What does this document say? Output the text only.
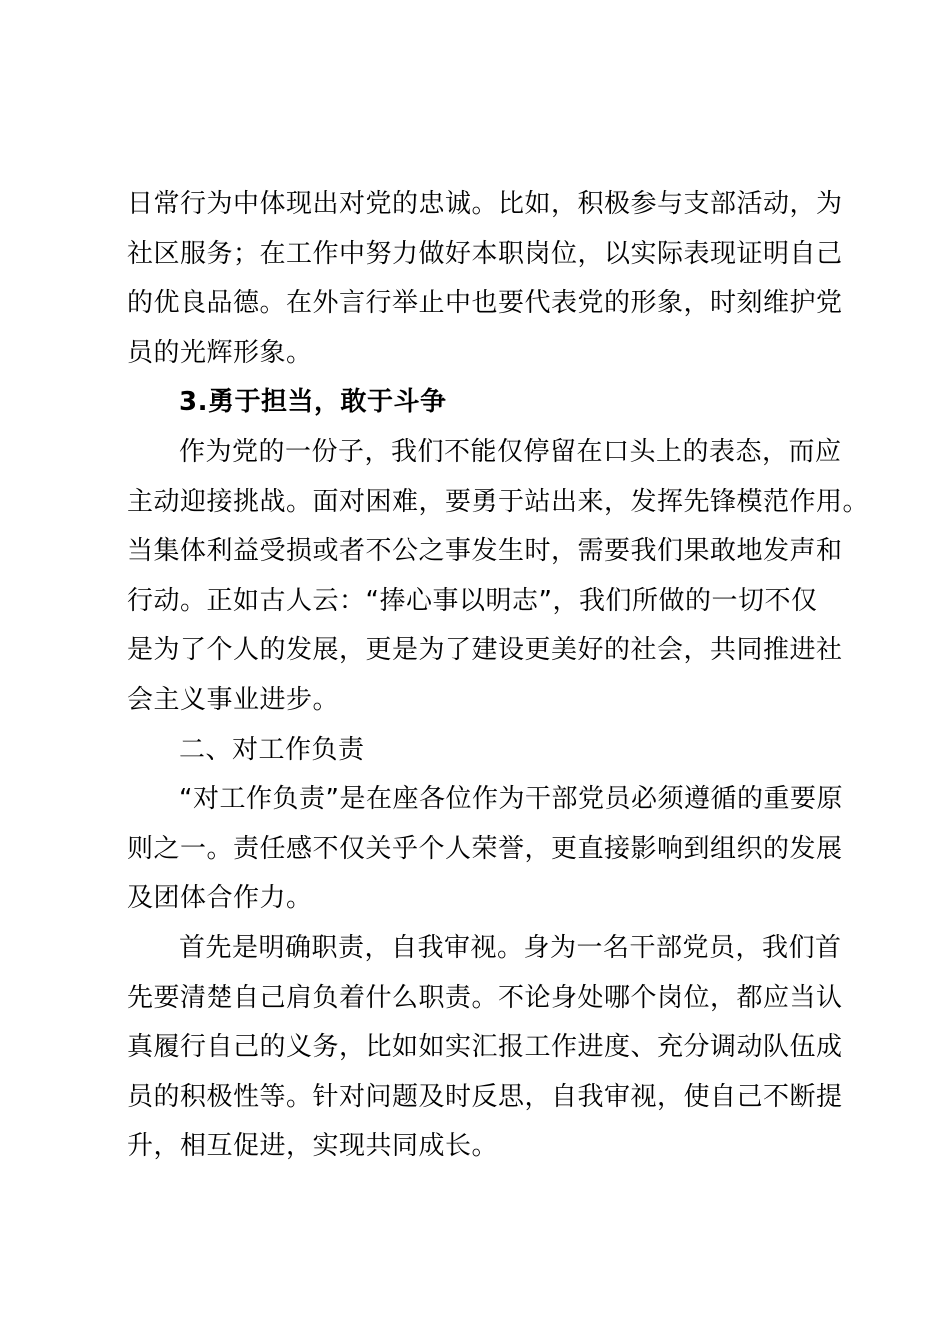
日常行为中体现出对党的忠诚。比如，积极参与支部活动，为
社区服务；在工作中努力做好本职岗位，以实际表现证明自己
的优良品德。在外言行举止中也要代表党的形象，时刻维护党
员的光辉形象。
3.勇于担当，敢于斗争
作为党的一份子，我们不能仅停留在口头上的表态，而应
主动迎接挑战。面对困难，要勇于站出来，发挥先锋模范作用。
当集体利益受损或者不公之事发生时，需要我们果敢地发声和
行动。正如古人云：“捧心事以明志”，我们所做的一切不仅
是为了个人的发展，更是为了建设更美好的社会，共同推进社
会主义事业进步。
二、对工作负责
“对工作负责”是在座各位作为干部党员必须遵循的重要原
则之一。责任感不仅关乎个人荣誉，更直接影响到组织的发展
及团体合作力。
首先是明确职责，自我审视。身为一名干部党员，我们首
先要清楚自己肩负着什么职责。不论身处哪个岗位，都应当认
真履行自己的义务，比如如实汇报工作进度、充分调动队伍成
员的积极性等。针对问题及时反思，自我审视，使自己不断提
升，相互促进，实现共同成长。
